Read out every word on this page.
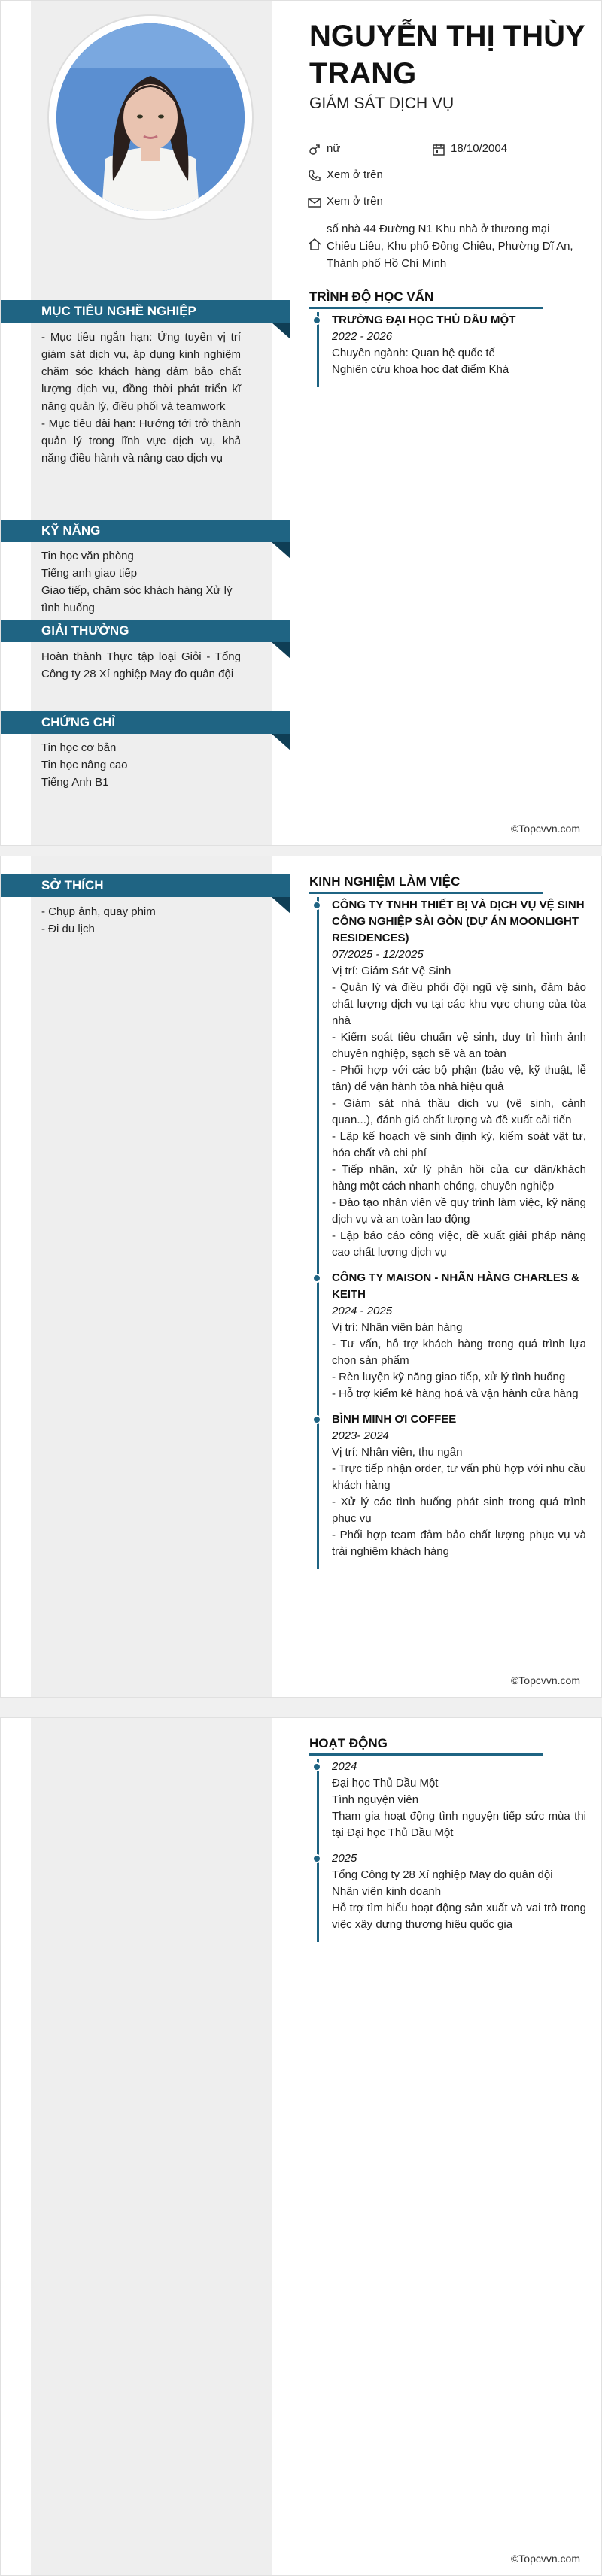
MỤC TIÊU NGHỀ NGHIỆP

- Mục tiêu ngắn hạn: Ứng tuyển vị trí giám sát dịch vụ, áp dụng kinh nghiệm chăm sóc khách hàng đảm bảo chất lượng dịch vụ, đồng thời phát triển kĩ năng quản lý, điều phối và teamwork

- Mục tiêu dài hạn: Hướng tới trở thành quản lý trong lĩnh vực dịch vụ, khả năng điều hành và nâng cao dịch vụ

KỸ NĂNG

Tin học văn phòng

Tiếng anh giao tiếp

Giao tiếp, chăm sóc khách hàng Xử lý tình huống

GIẢI THƯỞNG

Hoàn thành Thực tập loại Giỏi - Tổng Công ty 28 Xí nghiệp May đo quân đội

CHỨNG CHỈ

Tin học cơ bản

Tin học nâng cao

Tiếng Anh B1

NGUYỄN THỊ THÙY TRANG
GIÁM SÁT DỊCH VỤ
nữ	18/10/2004
Xem ở trên
Xem ở trên
số nhà 44 Đường N1 Khu nhà ở thương mại Chiêu Liêu, Khu phố Đông Chiêu, Phường Dĩ An, Thành phố Hồ Chí Minh
TRÌNH ĐỘ HỌC VẤN
TRƯỜNG ĐẠI HỌC THỦ DẦU MỘT
2022 - 2026
Chuyên ngành: Quan hệ quốc tế
Nghiên cứu khoa học đạt điểm Khá
©Topcvvn.com
SỞ THÍCH

- Chụp ảnh, quay phim

- Đi du lịch

KINH NGHIỆM LÀM VIỆC
CÔNG TY TNHH THIẾT BỊ VÀ DỊCH VỤ VỆ SINH CÔNG NGHIỆP SÀI GÒN (DỰ ÁN MOONLIGHT RESIDENCES)
07/2025 - 12/2025
Vị trí: Giám Sát Vệ Sinh
- Quản lý và điều phối đội ngũ vệ sinh, đảm bảo chất lượng dịch vụ tại các khu vực chung của tòa nhà
- Kiểm soát tiêu chuẩn vệ sinh, duy trì hình ảnh chuyên nghiệp, sạch sẽ và an toàn
- Phối hợp với các bộ phận (bảo vệ, kỹ thuật, lễ tân) để vận hành tòa nhà hiệu quả
- Giám sát nhà thầu dịch vụ (vệ sinh, cảnh quan...), đánh giá chất lượng và đề xuất cải tiến
- Lập kế hoạch vệ sinh định kỳ, kiểm soát vật tư, hóa chất và chi phí
- Tiếp nhận, xử lý phản hồi của cư dân/khách hàng một cách nhanh chóng, chuyên nghiệp
- Đào tạo nhân viên về quy trình làm việc, kỹ năng dịch vụ và an toàn lao động
- Lập báo cáo công việc, đề xuất giải pháp nâng cao chất lượng dịch vụ
CÔNG TY MAISON - NHÃN HÀNG CHARLES & KEITH
2024 - 2025
Vị trí: Nhân viên bán hàng
- Tư vấn, hỗ trợ khách hàng trong quá trình lựa chọn sản phẩm
- Rèn luyện kỹ năng giao tiếp, xử lý tình huống
- Hỗ trợ kiểm kê hàng hoá và vận hành cửa hàng
BÌNH MINH ƠI COFFEE
2023- 2024
Vị trí: Nhân viên, thu ngân
- Trực tiếp nhận order, tư vấn phù hợp với nhu cầu khách hàng
- Xử lý các tình huống phát sinh trong quá trình phục vụ
- Phối hợp team đảm bảo chất lượng phục vụ và trải nghiệm khách hàng
©Topcvvn.com
HOẠT ĐỘNG
2024
Đại học Thủ Dầu Một
Tình nguyện viên
Tham gia hoạt động tình nguyện tiếp sức mùa thi tại Đại học Thủ Dầu Một
2025
Tổng Công ty 28 Xí nghiệp May đo quân đội
Nhân viên kinh doanh
Hỗ trợ tìm hiểu hoạt động sản xuất và vai trò trong việc xây dựng thương hiệu quốc gia
©Topcvvn.com
